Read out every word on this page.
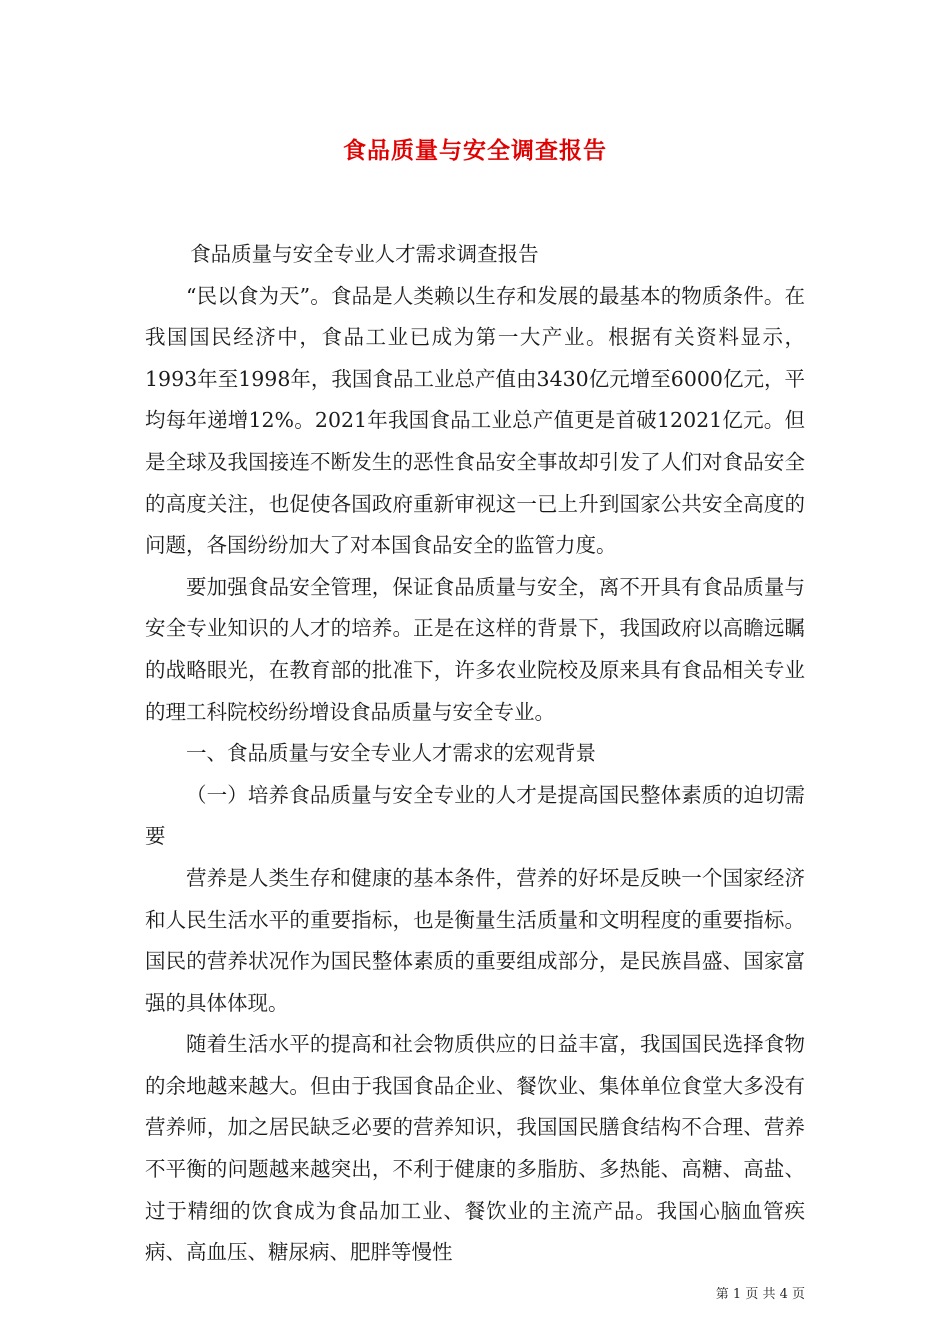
食品质量与安全调查报告

食品质量与安全专业人才需求调查报告

“民以食为天”。食品是人类赖以生存和发展的最基本的物质条件。在我国国民经济中，食品工业已成为第一大产业。根据有关资料显示，1993年至1998年，我国食品工业总产值由3430亿元增至6000亿元，平均每年递增12%。2021年我国食品工业总产值更是首破12021亿元。但是全球及我国接连不断发生的恶性食品安全事故却引发了人们对食品安全的高度关注，也促使各国政府重新审视这一已上升到国家公共安全高度的问题，各国纷纷加大了对本国食品安全的监管力度。

要加强食品安全管理，保证食品质量与安全，离不开具有食品质量与安全专业知识的人才的培养。正是在这样的背景下，我国政府以高瞻远瞩的战略眼光，在教育部的批准下，许多农业院校及原来具有食品相关专业的理工科院校纷纷增设食品质量与安全专业。

一、食品质量与安全专业人才需求的宏观背景

（一）培养食品质量与安全专业的人才是提高国民整体素质的迫切需要

营养是人类生存和健康的基本条件，营养的好坏是反映一个国家经济和人民生活水平的重要指标，也是衡量生活质量和文明程度的重要指标。国民的营养状况作为国民整体素质的重要组成部分，是民族昌盛、国家富强的具体体现。

随着生活水平的提高和社会物质供应的日益丰富，我国国民选择食物的余地越来越大。但由于我国食品企业、餐饮业、集体单位食堂大多没有营养师，加之居民缺乏必要的营养知识，我国国民膳食结构不合理、营养不平衡的问题越来越突出，不利于健康的多脂肪、多热能、高糖、高盐、过于精细的饮食成为食品加工业、餐饮业的主流产品。我国心脑血管疾病、高血压、糖尿病、肥胖等慢性

第 1 页 共 4 页
